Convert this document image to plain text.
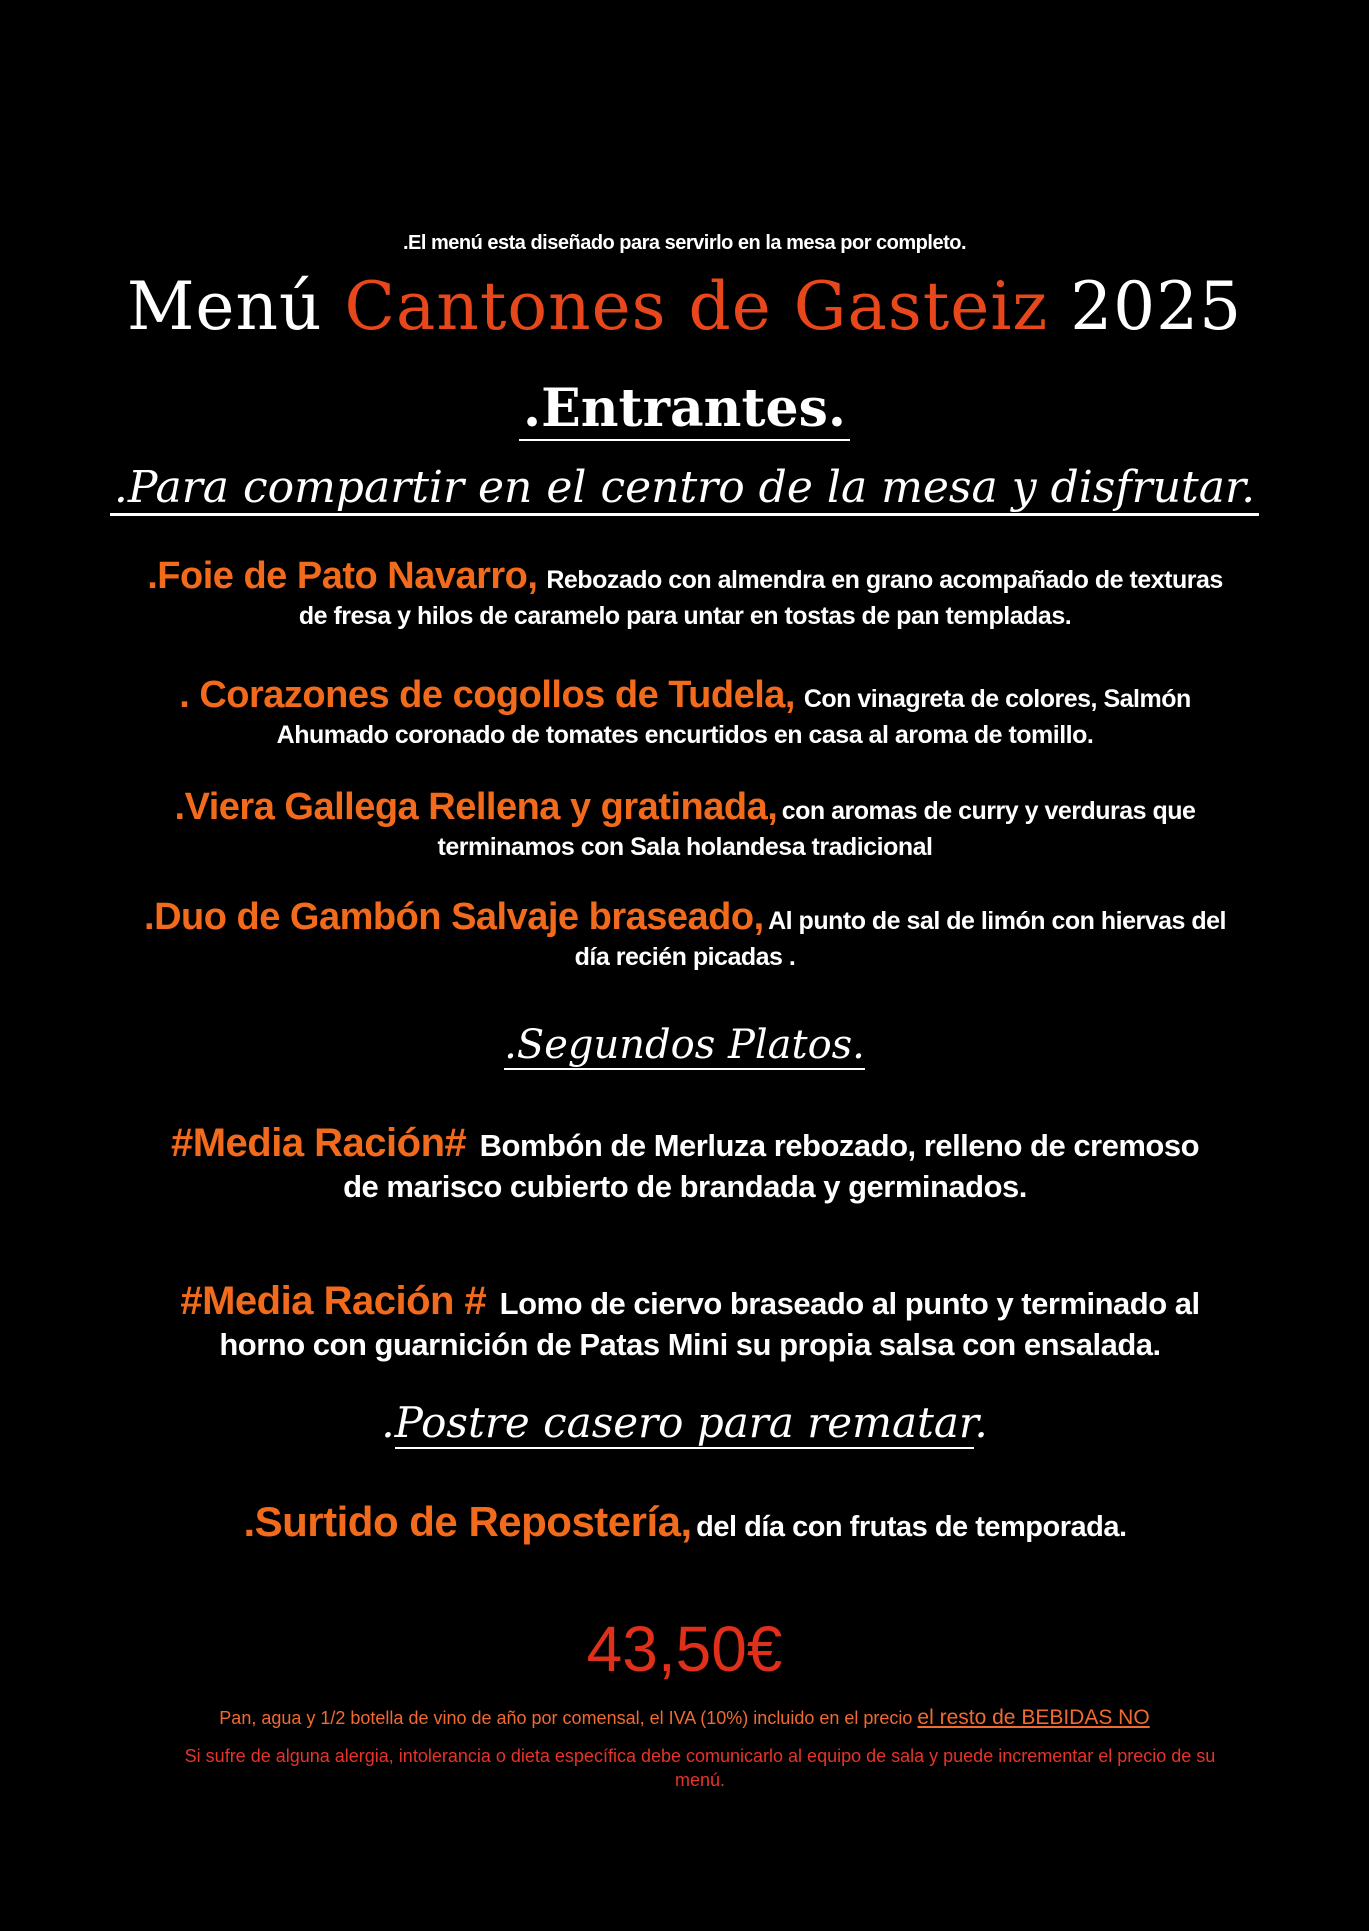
.El menú esta diseñado para servirlo en la mesa por completo.
Menú Cantones de Gasteiz 2025
.Entrantes.
.Para compartir en el centro de la mesa y disfrutar.
.Foie de Pato Navarro, Rebozado con almendra en grano acompañado de texturas de fresa y hilos de caramelo para untar en tostas de pan templadas.
. Corazones de cogollos de Tudela, Con vinagreta de colores, Salmón Ahumado coronado de tomates encurtidos en casa al aroma de tomillo.
.Viera Gallega Rellena y gratinada, con aromas de curry y verduras que terminamos con Sala holandesa tradicional
.Duo de Gambón Salvaje braseado, Al punto de sal de limón con hiervas del día recién picadas .
.Segundos Platos.
#Media Ración# Bombón de Merluza rebozado, relleno de cremoso de marisco cubierto de brandada y germinados.
#Media Ración # Lomo de ciervo braseado al punto y terminado al horno con guarnición de Patas Mini su propia salsa con ensalada.
.Postre casero para rematar.
.Surtido de Repostería, del día con frutas de temporada.
43,50€
Pan, agua y 1/2 botella de vino de año por comensal, el IVA (10%) incluido en el precio el resto de BEBIDAS NO
Si sufre de alguna alergia, intolerancia o dieta específica debe comunicarlo al equipo de sala y puede incrementar el precio de su menú.
